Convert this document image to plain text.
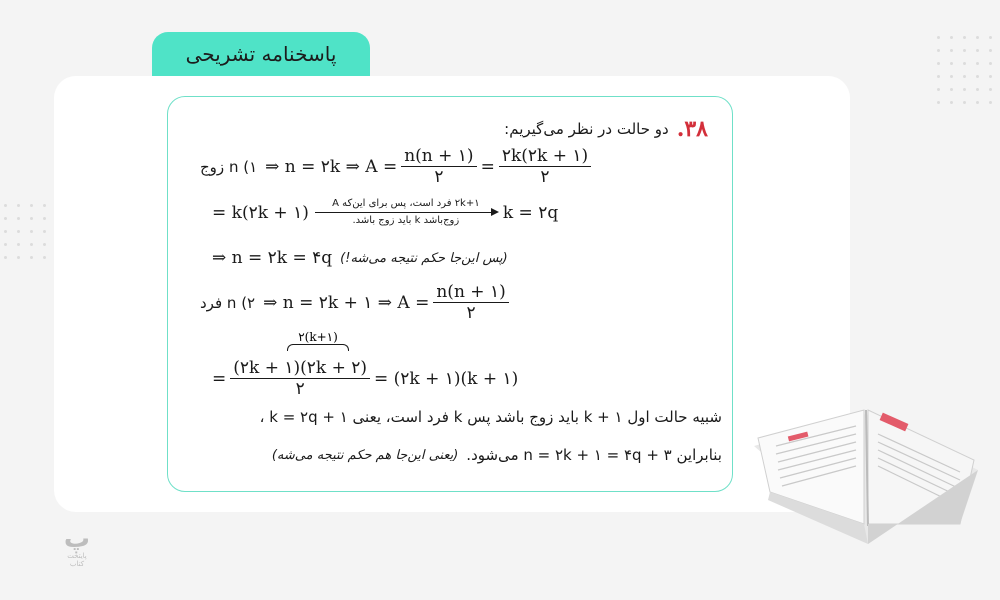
پاسخنامه تشریحی
۳۸.
دو حالت در نظر می‌گیریم:
۱) n زوج ⇒ n = ۲k ⇒ $A = \frac{n(n + ۱)}{۲} = \frac{۲k(۲k + ۱)}{۲}$
= k(۲k + ۱) ۲k+۱ فرد است، پس برای این‌که A
زوج‌باشد k باید زوج باشد.	k = ۲q
⇒ n = ۲k = ۴q (پس این‌جا حکم نتیجه می‌شه!)
۲) n فرد ⇒ n = ۲k + ۱ ⇒ $A = \frac{n(n + ۱)}{۲}$
۲(k+۱)
= $\frac{(۲k + ۱)(۲k + ۲)}{۲}$ = (۲k + ۱)(k + ۱)
شبیه حالت اول k + ۱ باید زوج باشد پس k فرد است، یعنی k = ۲q + ۱ ،
بنابراین n = ۲k + ۱ = ۴q + ۳ می‌شود.
(یعنی این‌جا هم حکم نتیجه می‌شه)
پ
پایتخت کتاب
